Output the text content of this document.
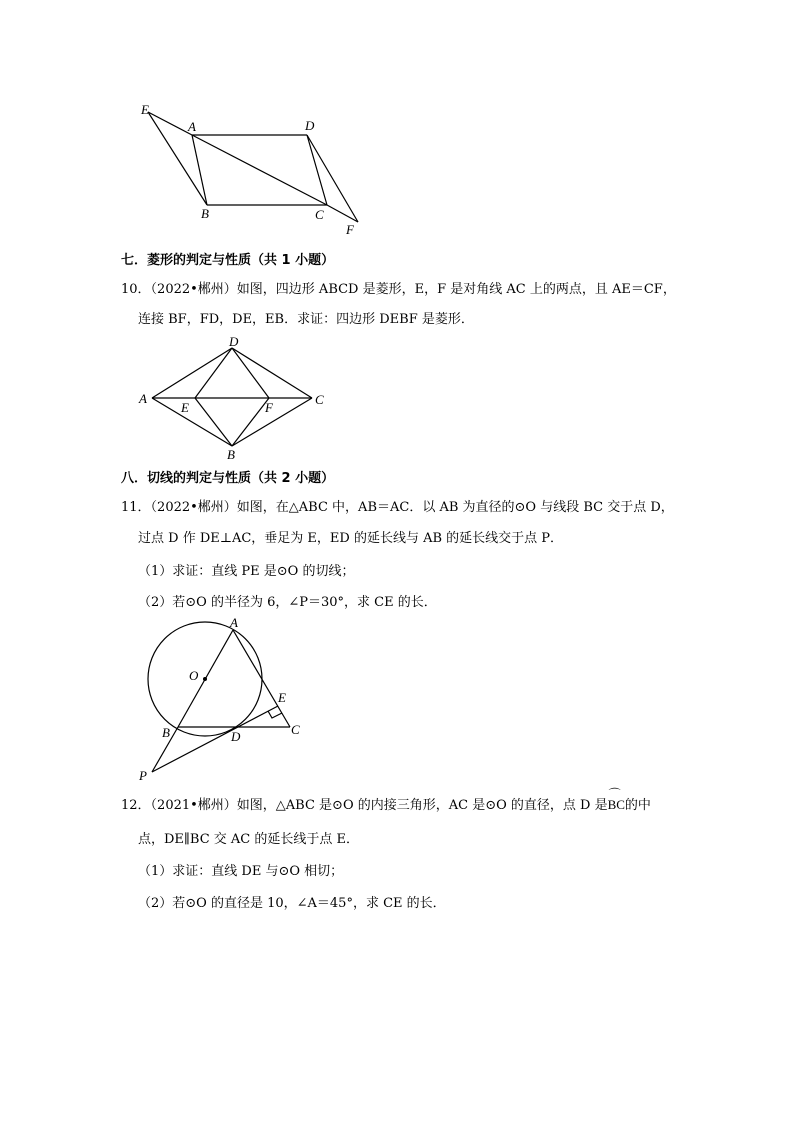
E
A	D
B	C
F
七．菱形的判定与性质（共 1 小题）
10．（2022•郴州）如图，四边形 ABCD 是菱形，E，F 是对角线 AC 上的两点，且 AE＝CF，
连接 BF，FD，DE，EB．求证：四边形 DEBF 是菱形．
D
A
E	F
C
B
八．切线的判定与性质（共 2 小题）
11．（2022•郴州）如图，在△ABC 中，AB＝AC．以 AB 为直径的⊙O 与线段 BC 交于点 D，
过点 D 作 DE⊥AC，垂足为 E，ED 的延长线与 AB 的延长线交于点 P．
（1）求证：直线 PE 是⊙O 的切线；
（2）若⊙O 的半径为 6，∠P＝30°，求 CE 的长．
A
O
E
B	D	C
P
12．（2021•郴州）如图，△ABC 是⊙O 的内接三角形，AC 是⊙O 的直径，点 D 是
⌒
BC的中
点，DE∥BC 交 AC 的延长线于点 E．
（1）求证：直线 DE 与⊙O 相切；
（2）若⊙O 的直径是 10，∠A＝45°，求 CE 的长．
